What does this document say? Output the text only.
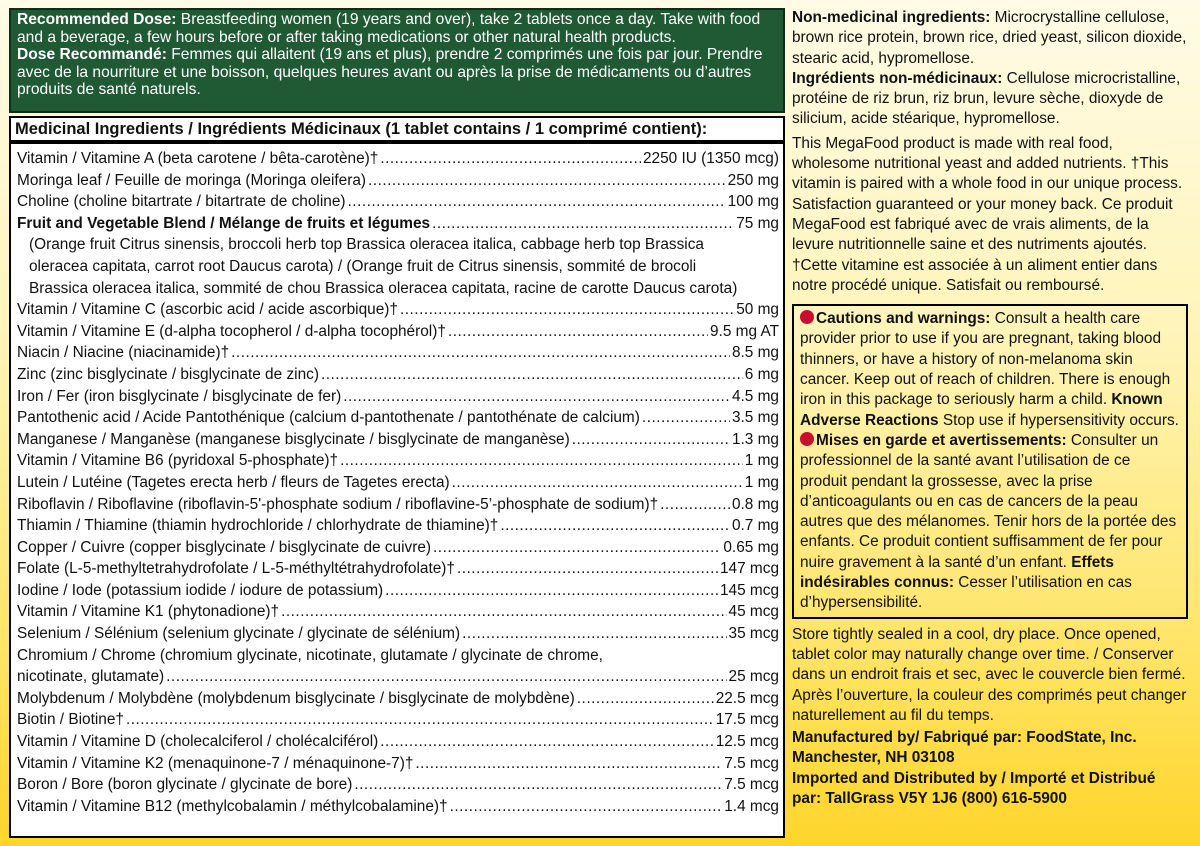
Recommended Dose: Breastfeeding women (19 years and over), take 2 tablets once a day. Take with food and a beverage, a few hours before or after taking medications or other natural health products.
Dose Recommandé: Femmes qui allaitent (19 ans et plus), prendre 2 comprimés une fois par jour. Prendre avec de la nourriture et une boisson, quelques heures avant ou après la prise de médicaments ou d’autres produits de santé naturels.
Medicinal Ingredients / Ingrédients Médicinaux (1 tablet contains / 1 comprimé contient):
Vitamin / Vitamine A (beta carotene / bêta-carotène)† .....	2250 IU (1350 mcg)
Moringa leaf / Feuille de moringa (Moringa oleifera) .....	250 mg
Choline (choline bitartrate / bitartrate de choline) .....	100 mg
Fruit and Vegetable Blend / Mélange de fruits et légumes .....	75 mg
(Orange fruit Citrus sinensis, broccoli herb top Brassica oleracea italica, cabbage herb top Brassica
oleracea capitata, carrot root Daucus carota) / (Orange fruit de Citrus sinensis, sommité de brocoli
Brassica oleracea italica, sommité de chou Brassica oleracea capitata, racine de carotte Daucus carota)
Vitamin / Vitamine C (ascorbic acid / acide ascorbique)† .....	50 mg
Vitamin / Vitamine E (d-alpha tocopherol / d-alpha tocophérol)† .....	9.5 mg AT
Niacin / Niacine (niacinamide)† .....	8.5 mg
Zinc (zinc bisglycinate / bisglycinate de zinc) .....	6 mg
Iron / Fer (iron bisglycinate / bisglycinate de fer) .....	4.5 mg
Pantothenic acid / Acide Pantothénique (calcium d-pantothenate / pantothénate de calcium) .....	3.5 mg
Manganese / Manganèse (manganese bisglycinate / bisglycinate de manganèse) .....	1.3 mg
Vitamin / Vitamine B6 (pyridoxal 5-phosphate)† .....	1 mg
Lutein / Lutéine (Tagetes erecta herb / fleurs de Tagetes erecta) .....	1 mg
Riboflavin / Riboflavine (riboflavin-5'-phosphate sodium / riboflavine-5’-phosphate de sodium)† .....	0.8 mg
Thiamin / Thiamine (thiamin hydrochloride / chlorhydrate de thiamine)† .....	0.7 mg
Copper / Cuivre (copper bisglycinate / bisglycinate de cuivre) .....	0.65 mg
Folate (L-5-methyltetrahydrofolate / L-5-méthyltétrahydrofolate)† .....	147 mcg
Iodine / Iode (potassium iodide / iodure de potassium) .....	145 mcg
Vitamin / Vitamine K1 (phytonadione)† .....	45 mcg
Selenium / Sélénium (selenium glycinate / glycinate de sélénium) .....	35 mcg
Chromium / Chrome (chromium glycinate, nicotinate, glutamate / glycinate de chrome,
nicotinate, glutamate) .....	25 mcg
Molybdenum / Molybdène (molybdenum bisglycinate / bisglycinate de molybdène) .....	22.5 mcg
Biotin / Biotine† .....	17.5 mcg
Vitamin / Vitamine D (cholecalciferol / cholécalciférol) .....	12.5 mcg
Vitamin / Vitamine K2 (menaquinone-7 / ménaquinone-7)† .....	7.5 mcg
Boron / Bore (boron glycinate / glycinate de bore) .....	7.5 mcg
Vitamin / Vitamine B12 (methylcobalamin / méthylcobalamine)† .....	1.4 mcg
Non-medicinal ingredients: Microcrystalline cellulose, brown rice protein, brown rice, dried yeast, silicon dioxide, stearic acid, hypromellose.
Ingrédients non-médicinaux: Cellulose microcristalline, protéine de riz brun, riz brun, levure sèche, dioxyde de silicium, acide stéarique, hypromellose.
This MegaFood product is made with real food, wholesome nutritional yeast and added nutrients. †This vitamin is paired with a whole food in our unique process. Satisfaction guaranteed or your money back. Ce produit MegaFood est fabriqué avec de vrais aliments, de la levure nutritionnelle saine et des nutriments ajoutés. †Cette vitamine est associée à un aliment entier dans notre procédé unique. Satisfait ou remboursé.
Cautions and warnings: Consult a health care provider prior to use if you are pregnant, taking blood thinners, or have a history of non-melanoma skin cancer. Keep out of reach of children. There is enough iron in this package to seriously harm a child. Known Adverse Reactions Stop use if hypersensitivity occurs.
Mises en garde et avertissements: Consulter un professionnel de la santé avant l’utilisation de ce produit pendant la grossesse, avec la prise d’anticoagulants ou en cas de cancers de la peau autres que des mélanomes. Tenir hors de la portée des enfants. Ce produit contient suffisamment de fer pour nuire gravement à la santé d’un enfant. Effets indésirables connus: Cesser l’utilisation en cas d’hypersensibilité.
Store tightly sealed in a cool, dry place. Once opened, tablet color may naturally change over time. / Conserver dans un endroit frais et sec, avec le couvercle bien fermé. Après l’ouverture, la couleur des comprimés peut changer naturellement au fil du temps.
Manufactured by/ Fabriqué par: FoodState, Inc.
Manchester, NH 03108
Imported and Distributed by / Importé et Distribué
par: TallGrass V5Y 1J6 (800) 616-5900
